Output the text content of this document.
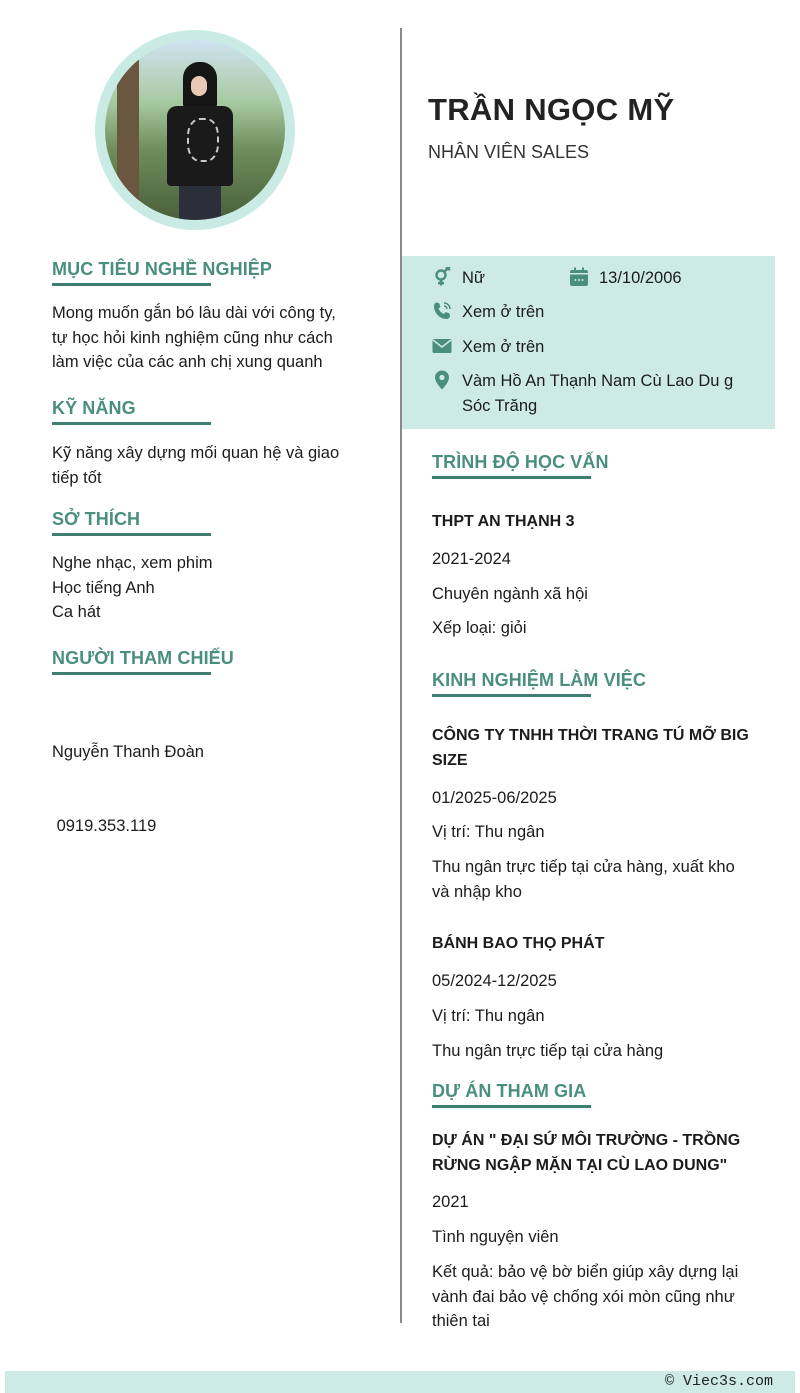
MỤC TIÊU NGHỀ NGHIỆP
Mong muốn gắn bó lâu dài với công ty,
tự học hỏi kinh nghiệm cũng như cách
làm việc của các anh chị xung quanh
KỸ NĂNG
Kỹ năng xây dựng mối quan hệ và giao
tiếp tốt
SỞ THÍCH
Nghe nhạc, xem phim
Học tiếng Anh
Ca hát
NGƯỜI THAM CHIẾU

Nguyễn Thanh Đoàn

0919.353.119

TRẦN NGỌC MỸ
NHÂN VIÊN SALES
Nữ	13/10/2006
Xem ở trên
Xem ở trên
Vàm Hồ An Thạnh Nam Cù Lao Du g
Sóc Trăng
TRÌNH ĐỘ HỌC VẤN
THPT AN THẠNH 3
2021-2024
Chuyên ngành xã hội
Xếp loại: giỏi
KINH NGHIỆM LÀM VIỆC
CÔNG TY TNHH THỜI TRANG TÚ MỠ BIG
SIZE
01/2025-06/2025
Vị trí: Thu ngân
Thu ngân trực tiếp tại cửa hàng, xuất kho
và nhập kho
BÁNH BAO THỌ PHÁT
05/2024-12/2025
Vị trí: Thu ngân
Thu ngân trực tiếp tại cửa hàng
DỰ ÁN THAM GIA
DỰ ÁN " ĐẠI SỨ MÔI TRƯỜNG - TRỒNG
RỪNG NGẬP MẶN TẠI CÙ LAO DUNG"
2021
Tình nguyện viên
Kết quả: bảo vệ bờ biển giúp xây dựng lại
vành đai bảo vệ chống xói mòn cũng như
thiên tai
© Viec3s.com
